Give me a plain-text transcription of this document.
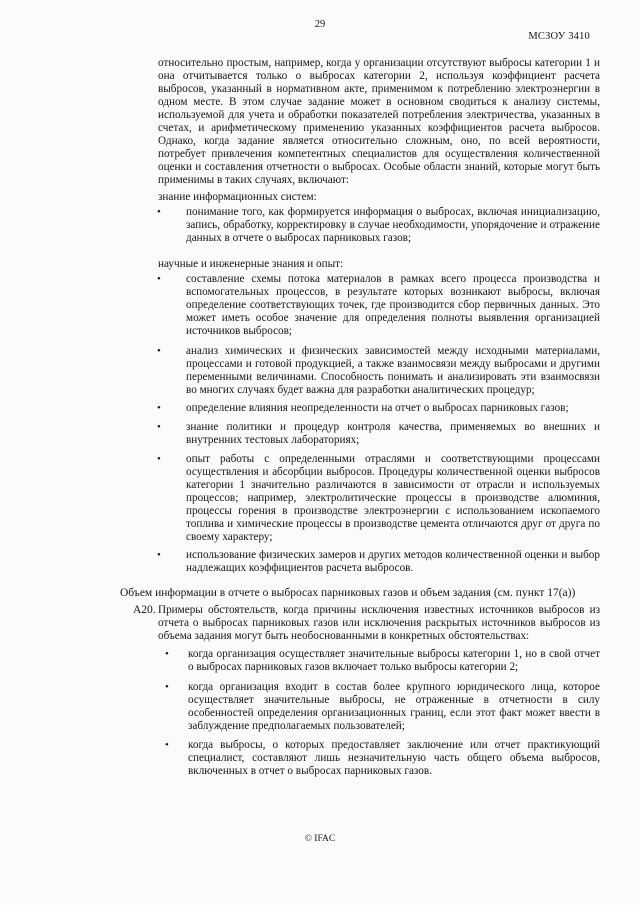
29
МСЗОУ 3410

относительно простым, например, когда у организации отсутствуют выбросы категории 1 и она отчитывается только о выбросах категории 2, используя коэффициент расчета выбросов, указанный в нормативном акте, применимом к потреблению электроэнергии в одном месте. В этом случае задание может в основном сводиться к анализу системы, используемой для учета и обработки показателей потребления электричества, указанных в счетах, и арифметическому применению указанных коэффициентов расчета выбросов. Однако, когда задание является относительно сложным, оно, по всей вероятности, потребует привлечения компетентных специалистов для осуществления количественной оценки и составления отчетности о выбросах. Особые области знаний, которые могут быть применимы в таких случаях, включают:

знание информационных систем:

• понимание того, как формируется информация о выбросах, включая инициализацию, запись, обработку, корректировку в случае необходимости, упорядочение и отражение данных в отчете о выбросах парниковых газов;

научные и инженерные знания и опыт:

• составление схемы потока материалов в рамках всего процесса производства и вспомогательных процессов, в результате которых возникают выбросы, включая определение соответствующих точек, где производится сбор первичных данных. Это может иметь особое значение для определения полноты выявления организацией источников выбросов;

• анализ химических и физических зависимостей между исходными материалами, процессами и готовой продукцией, а также взаимосвязи между выбросами и другими переменными величинами. Способность понимать и анализировать эти взаимосвязи во многих случаях будет важна для разработки аналитических процедур;

• определение влияния неопределенности на отчет о выбросах парниковых газов;

• знание политики и процедур контроля качества, применяемых во внешних и внутренних тестовых лабораториях;

• опыт работы с определенными отраслями и соответствующими процессами осуществления и абсорбции выбросов. Процедуры количественной оценки выбросов категории 1 значительно различаются в зависимости от отрасли и используемых процессов; например, электролитические процессы в производстве алюминия, процессы горения в производстве электроэнергии с использованием ископаемого топлива и химические процессы в производстве цемента отличаются друг от друга по своему характеру;

• использование физических замеров и других методов количественной оценки и выбор надлежащих коэффициентов расчета выбросов.

Объем информации в отчете о выбросах парниковых газов и объем задания (см. пункт 17(а))

A20. Примеры обстоятельств, когда причины исключения известных источников выбросов из отчета о выбросах парниковых газов или исключения раскрытых источников выбросов из объема задания могут быть необоснованными в конкретных обстоятельствах:

• когда организация осуществляет значительные выбросы категории 1, но в свой отчет о выбросах парниковых газов включает только выбросы категории 2;

• когда организация входит в состав более крупного юридического лица, которое осуществляет значительные выбросы, не отраженные в отчетности в силу особенностей определения организационных границ, если этот факт может ввести в заблуждение предполагаемых пользователей;

• когда выбросы, о которых предоставляет заключение или отчет практикующий специалист, составляют лишь незначительную часть общего объема выбросов, включенных в отчет о выбросах парниковых газов.

© IFAC
